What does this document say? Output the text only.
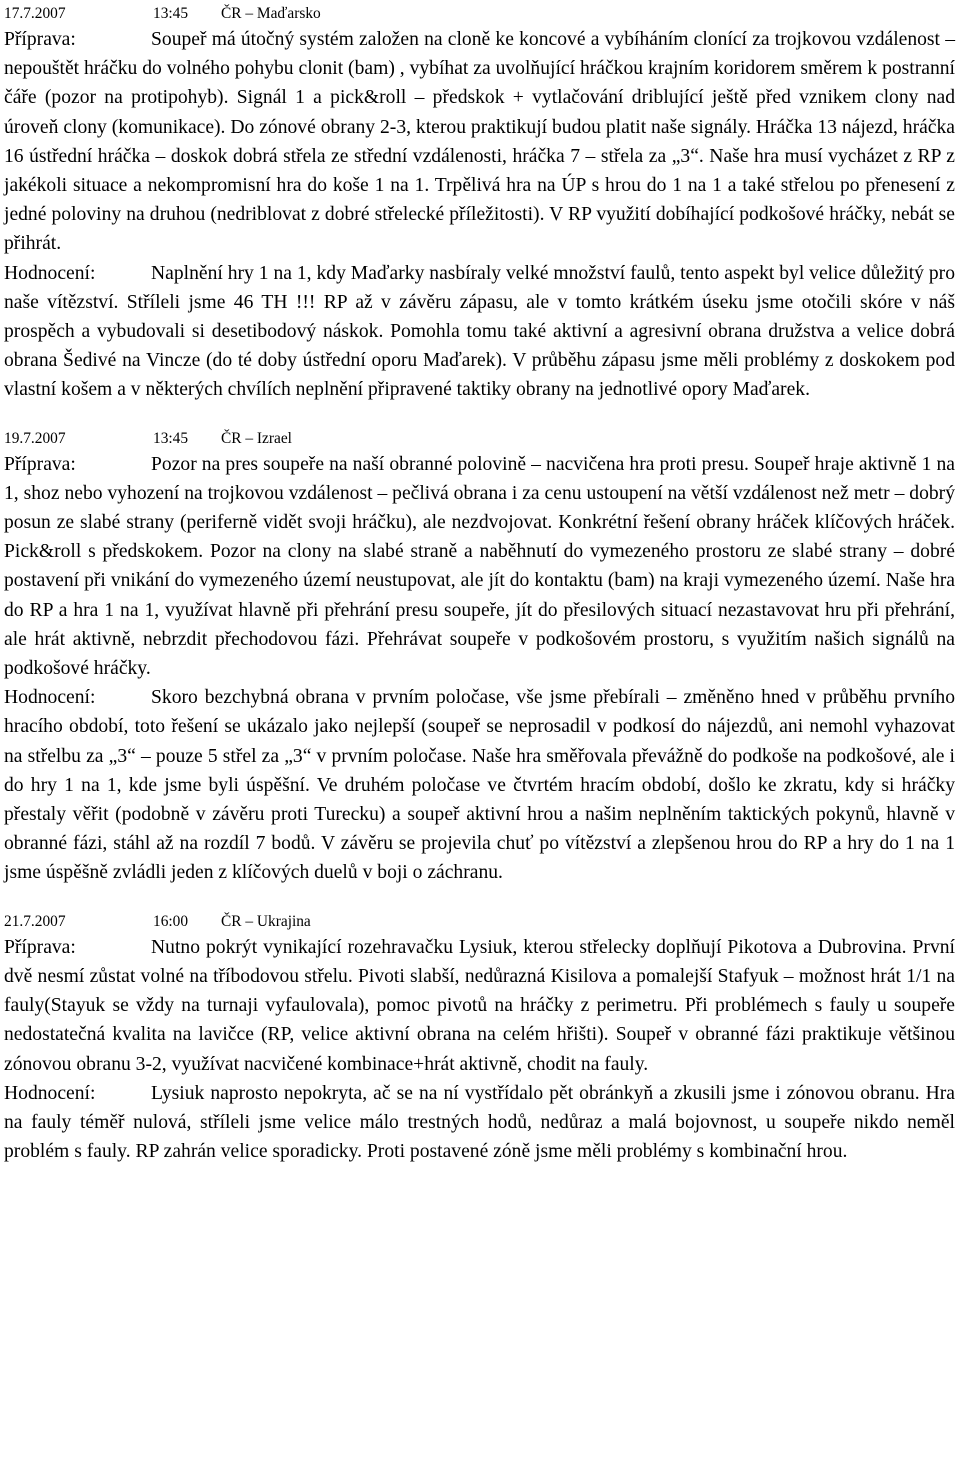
17.7.2007	13:45 ČR – Maďarsko

Příprava:	Soupeř má útočný systém založen na cloně ke koncové a vybíháním clonící za trojkovou vzdálenost – nepouštět hráčku do volného pohybu clonit (bam) , vybíhat za uvolňující hráčkou krajním koridorem směrem k postranní čáře (pozor na protipohyb). Signál 1 a pick&roll – předskok + vytlačování driblující ještě před vznikem clony nad úroveň clony (komunikace). Do zónové obrany 2-3, kterou praktikují budou platit naše signály. Hráčka 13 nájezd, hráčka 16 ústřední hráčka – doskok dobrá střela ze střední vzdálenosti, hráčka 7 – střela za „3“. Naše hra musí vycházet z RP z jakékoli situace a nekompromisní hra do koše 1 na 1. Trpělivá hra na ÚP s hrou do 1 na 1 a také střelou po přenesení z jedné poloviny na druhou (nedriblovat z dobré střelecké příležitosti). V RP využití dobíhající podkošové hráčky, nebát se přihrát.

Hodnocení:	Naplnění hry 1 na 1, kdy Maďarky nasbíraly velké množství faulů, tento aspekt byl velice důležitý pro naše vítězství. Stříleli jsme 46 TH !!! RP až v závěru zápasu, ale v tomto krátkém úseku jsme otočili skóre v náš prospěch a vybudovali si desetibodový náskok. Pomohla tomu také aktivní a agresivní obrana družstva a velice dobrá obrana Šedivé na Vincze (do té doby ústřední oporu Maďarek). V průběhu zápasu jsme měli problémy z doskokem pod vlastní košem a v některých chvílích neplnění připravené taktiky obrany na jednotlivé opory Maďarek.

19.7.2007	13:45 ČR – Izrael

Příprava:	Pozor na pres soupeře na naší obranné polovině – nacvičena hra proti presu. Soupeř hraje aktivně 1 na 1, shoz nebo vyhození na trojkovou vzdálenost – pečlivá obrana i za cenu ustoupení na větší vzdálenost než metr – dobrý posun ze slabé strany (periferně vidět svoji hráčku), ale nezdvojovat. Konkrétní řešení obrany hráček klíčových hráček. Pick&roll s předskokem. Pozor na clony na slabé straně a naběhnutí do vymezeného prostoru ze slabé strany – dobré postavení při vnikání do vymezeného území neustupovat, ale jít do kontaktu (bam) na kraji vymezeného území. Naše hra do RP a hra 1 na 1, využívat hlavně při přehrání presu soupeře, jít do přesilových situací nezastavovat hru při přehrání, ale hrát aktivně, nebrzdit přechodovou fázi. Přehrávat soupeře v podkošovém prostoru, s využitím našich signálů na podkošové hráčky.

Hodnocení:	Skoro bezchybná obrana v prvním poločase, vše jsme přebírali – změněno hned v průběhu prvního hracího období, toto řešení se ukázalo jako nejlepší (soupeř se neprosadil v podkosí do nájezdů, ani nemohl vyhazovat na střelbu za „3“ – pouze 5 střel za „3“ v prvním poločase. Naše hra směřovala převážně do podkoše na podkošové, ale i do hry 1 na 1, kde jsme byli úspěšní. Ve druhém poločase ve čtvrtém hracím období, došlo ke zkratu, kdy si hráčky přestaly věřit (podobně v závěru proti Turecku) a soupeř aktivní hrou a našim neplněním taktických pokynů, hlavně v obranné fázi, stáhl až na rozdíl 7 bodů. V závěru se projevila chuť po vítězství a zlepšenou hrou do RP a hry do 1 na 1 jsme úspěšně zvládli jeden z klíčových duelů v boji o záchranu.

21.7.2007	16:00 ČR – Ukrajina

Příprava:	Nutno pokrýt vynikající rozehravačku Lysiuk, kterou střelecky doplňují Pikotova a Dubrovina. První dvě nesmí zůstat volné na tříbodovou střelu. Pivoti slabší, nedůrazná Kisilova a pomalejší Stafyuk – možnost hrát 1/1 na fauly(Stayuk se vždy na turnaji vyfaulovala), pomoc pivotů na hráčky z perimetru. Při problémech s fauly u soupeře nedostatečná kvalita na lavičce (RP, velice aktivní obrana na celém hřišti). Soupeř v obranné fázi praktikuje většinou zónovou obranu 3-2, využívat nacvičené kombinace+hrát aktivně, chodit na fauly.

Hodnocení:	Lysiuk naprosto nepokryta, ač se na ní vystřídalo pět obránkyň a zkusili jsme i zónovou obranu. Hra na fauly téměř nulová, stříleli jsme velice málo trestných hodů, nedůraz a malá bojovnost, u soupeře nikdo neměl problém s fauly. RP zahrán velice sporadicky. Proti postavené zóně jsme měli problémy s kombinační hrou.
